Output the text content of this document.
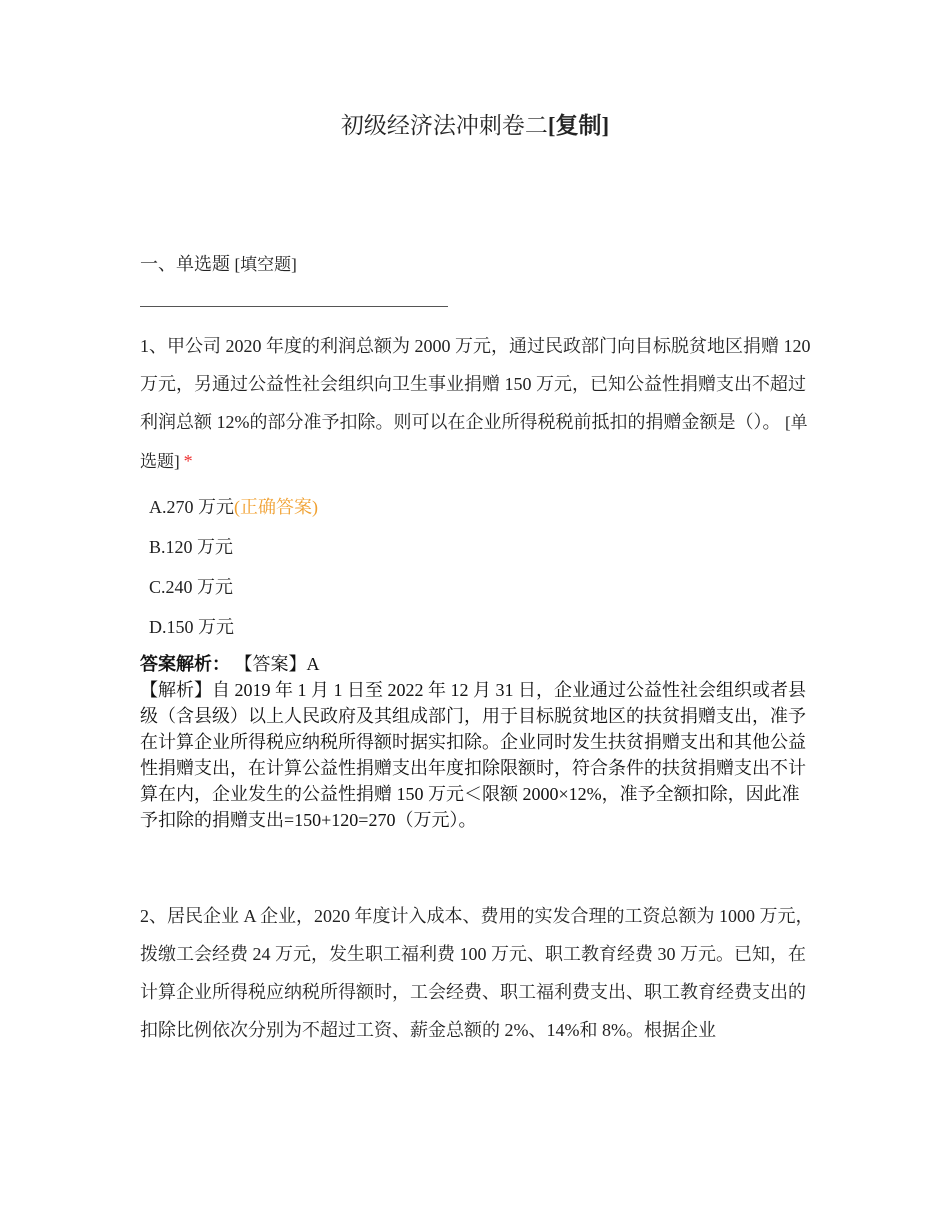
初级经济法冲刺卷二[复制]
一、单选题 [填空题]
1、甲公司 2020 年度的利润总额为 2000 万元，通过民政部门向目标脱贫地区捐赠 120 万元，另通过公益性社会组织向卫生事业捐赠 150 万元，已知公益性捐赠支出不超过利润总额 12%的部分准予扣除。则可以在企业所得税税前抵扣的捐赠金额是（）。 [单选题] *
A.270 万元(正确答案)
B.120 万元
C.240 万元
D.150 万元
答案解析： 【答案】A
【解析】自 2019 年 1 月 1 日至 2022 年 12 月 31 日，企业通过公益性社会组织或者县级（含县级）以上人民政府及其组成部门，用于目标脱贫地区的扶贫捐赠支出，准予在计算企业所得税应纳税所得额时据实扣除。企业同时发生扶贫捐赠支出和其他公益性捐赠支出，在计算公益性捐赠支出年度扣除限额时，符合条件的扶贫捐赠支出不计算在内，企业发生的公益性捐赠 150 万元＜限额 2000×12%，准予全额扣除，因此准予扣除的捐赠支出=150+120=270（万元）。
2、居民企业 A 企业，2020 年度计入成本、费用的实发合理的工资总额为 1000 万元，拨缴工会经费 24 万元，发生职工福利费 100 万元、职工教育经费 30 万元。已知，在计算企业所得税应纳税所得额时，工会经费、职工福利费支出、职工教育经费支出的扣除比例依次分别为不超过工资、薪金总额的 2%、14%和 8%。根据企业
